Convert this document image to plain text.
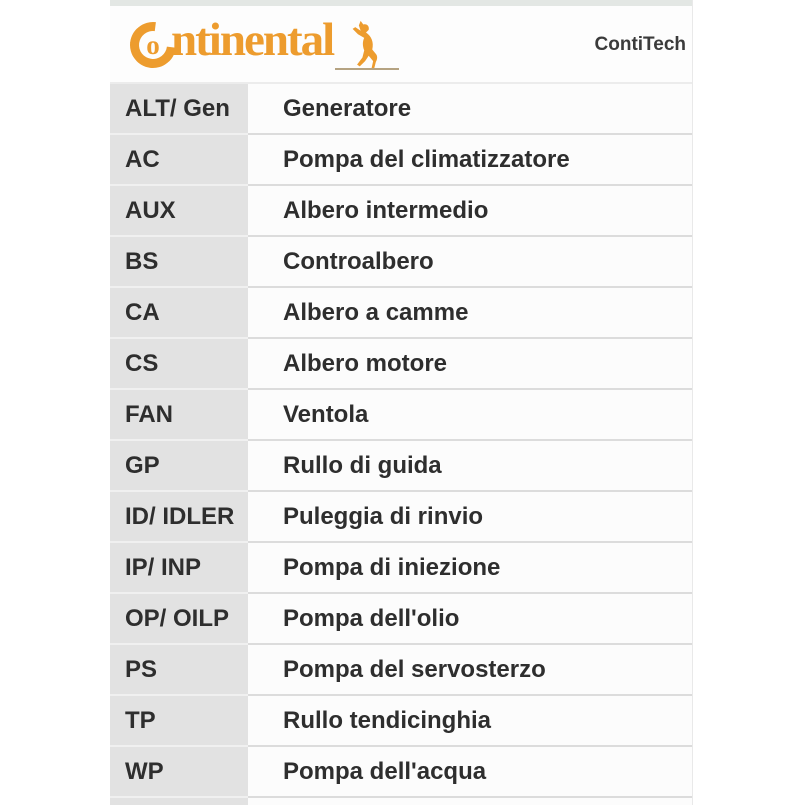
o ntinental	ContiTech
ALT/ Gen	Generatore
AC	Pompa del climatizzatore
AUX	Albero intermedio
BS	Controalbero
CA	Albero a camme
CS	Albero motore
FAN	Ventola
GP	Rullo di guida
ID/ IDLER	Puleggia di rinvio
IP/ INP	Pompa di iniezione
OP/ OILP	Pompa dell'olio
PS	Pompa del servosterzo
TP	Rullo tendicinghia
WP	Pompa dell'acqua
